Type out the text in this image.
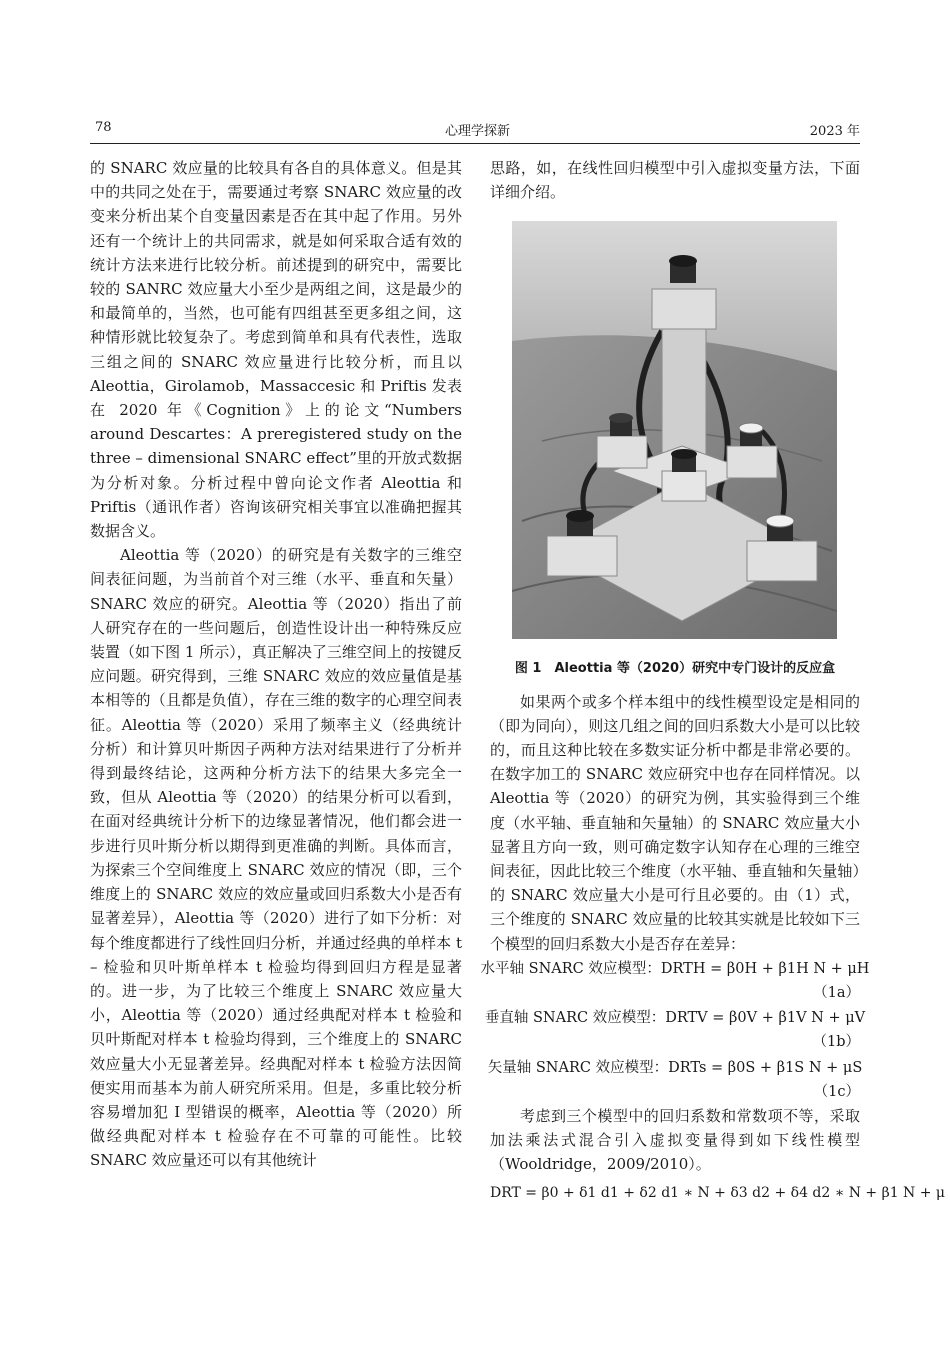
78	心理学探新	2023 年

的 SNARC 效应量的比较具有各自的具体意义。但是其中的共同之处在于，需要通过考察 SNARC 效应量的改变来分析出某个自变量因素是否在其中起了作用。另外还有一个统计上的共同需求，就是如何采取合适有效的统计方法来进行比较分析。前述提到的研究中，需要比较的 SANRC 效应量大小至少是两组之间，这是最少的和最简单的，当然，也可能有四组甚至更多组之间，这种情形就比较复杂了。考虑到简单和具有代表性，选取三组之间的 SNARC 效应量进行比较分析，而且以 Aleottia，Girolamob，Massaccesic 和 Priftis 发表在 2020 年《Cognition》上的论文“Numbers around Descartes：A preregistered study on the three – dimensional SNARC effect”里的开放式数据为分析对象。分析过程中曾向论文作者 Aleottia 和 Priftis（通讯作者）咨询该研究相关事宜以准确把握其数据含义。

Aleottia 等（2020）的研究是有关数字的三维空间表征问题，为当前首个对三维（水平、垂直和矢量）SNARC 效应的研究。Aleottia 等（2020）指出了前人研究存在的一些问题后，创造性设计出一种特殊反应装置（如下图 1 所示），真正解决了三维空间上的按键反应问题。研究得到，三维 SNARC 效应的效应量值是基本相等的（且都是负值），存在三维的数字的心理空间表征。Aleottia 等（2020）采用了频率主义（经典统计分析）和计算贝叶斯因子两种方法对结果进行了分析并得到最终结论，这两种分析方法下的结果大多完全一致，但从 Aleottia 等（2020）的结果分析可以看到，在面对经典统计分析下的边缘显著情况，他们都会进一步进行贝叶斯分析以期得到更准确的判断。具体而言，为探索三个空间维度上 SNARC 效应的情况（即，三个维度上的 SNARC 效应的效应量或回归系数大小是否有显著差异），Aleottia 等（2020）进行了如下分析：对每个维度都进行了线性回归分析，并通过经典的单样本 t – 检验和贝叶斯单样本 t 检验均得到回归方程是显著的。进一步，为了比较三个维度上 SNARC 效应量大小，Aleottia 等（2020）通过经典配对样本 t 检验和贝叶斯配对样本 t 检验均得到，三个维度上的 SNARC 效应量大小无显著差异。经典配对样本 t 检验方法因简便实用而基本为前人研究所采用。但是，多重比较分析容易增加犯 I 型错误的概率，Aleottia 等（2020）所做经典配对样本 t 检验存在不可靠的可能性。比较 SNARC 效应量还可以有其他统计

思路，如，在线性回归模型中引入虚拟变量方法，下面详细介绍。

图 1　Aleottia 等（2020）研究中专门设计的反应盒

如果两个或多个样本组中的线性模型设定是相同的（即为同向），则这几组之间的回归系数大小是可以比较的，而且这种比较在多数实证分析中都是非常必要的。在数字加工的 SNARC 效应研究中也存在同样情况。以 Aleottia 等（2020）的研究为例，其实验得到三个维度（水平轴、垂直轴和矢量轴）的 SNARC 效应量大小显著且方向一致，则可确定数字认知存在心理的三维空间表征，因此比较三个维度（水平轴、垂直轴和矢量轴）的 SNARC 效应量大小是可行且必要的。由（1）式，三个维度的 SNARC 效应量的比较其实就是比较如下三个模型的回归系数大小是否存在差异：

水平轴 SNARC 效应模型：DRTH = β0H + β1H N + μH
（1a）
垂直轴 SNARC 效应模型：DRTV = β0V + β1V N + μV
（1b）
矢量轴 SNARC 效应模型：DRTs = β0S + β1S N + μS
（1c）

考虑到三个模型中的回归系数和常数项不等，采取加法乘法式混合引入虚拟变量得到如下线性模型（Wooldridge，2009/2010）。

DRT = β0 + δ1 d1 + δ2 d1 ∗ N + δ3 d2 + δ4 d2 ∗ N + β1 N + μ
